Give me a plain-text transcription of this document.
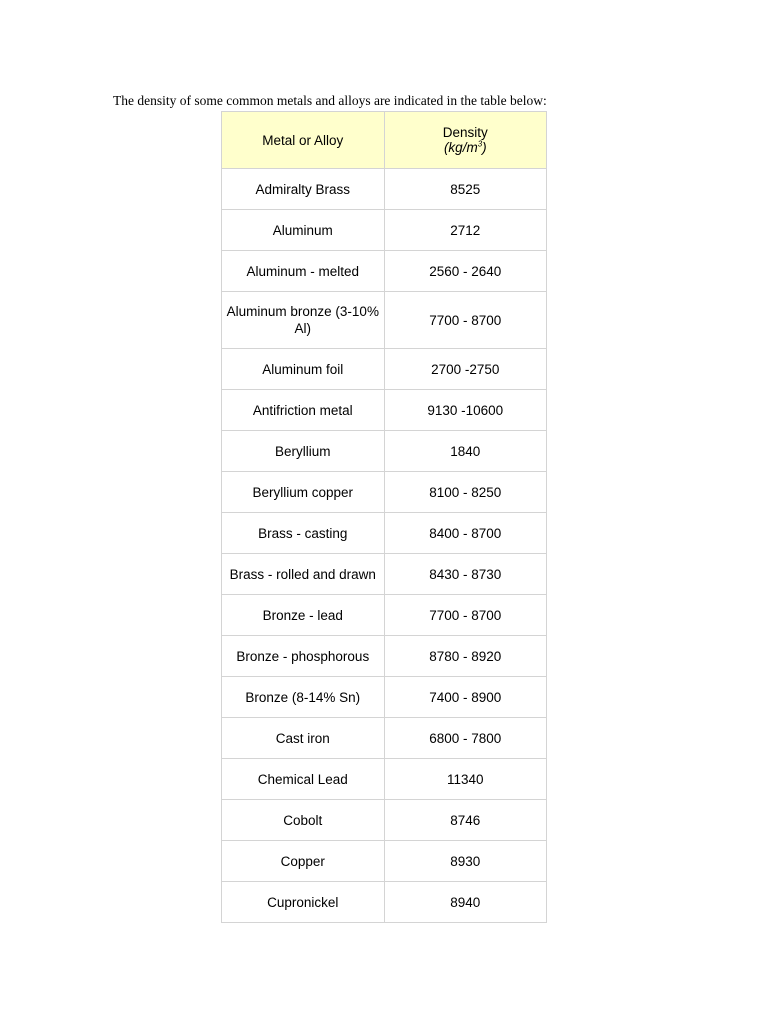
The density of some common metals and alloys are indicated in the table below:

Metal or Alloy	Density
$(kg/m^3)$
Admiralty Brass	8525
Aluminum	2712
Aluminum - melted	2560 - 2640
Aluminum bronze (3-10% Al)	7700 - 8700
Aluminum foil	2700 -2750
Antifriction metal	9130 -10600
Beryllium	1840
Beryllium copper	8100 - 8250
Brass - casting	8400 - 8700
Brass - rolled and drawn	8430 - 8730
Bronze - lead	7700 - 8700
Bronze - phosphorous	8780 - 8920
Bronze (8-14% Sn)	7400 - 8900
Cast iron	6800 - 7800
Chemical Lead	11340
Cobolt	8746
Copper	8930
Cupronickel	8940
